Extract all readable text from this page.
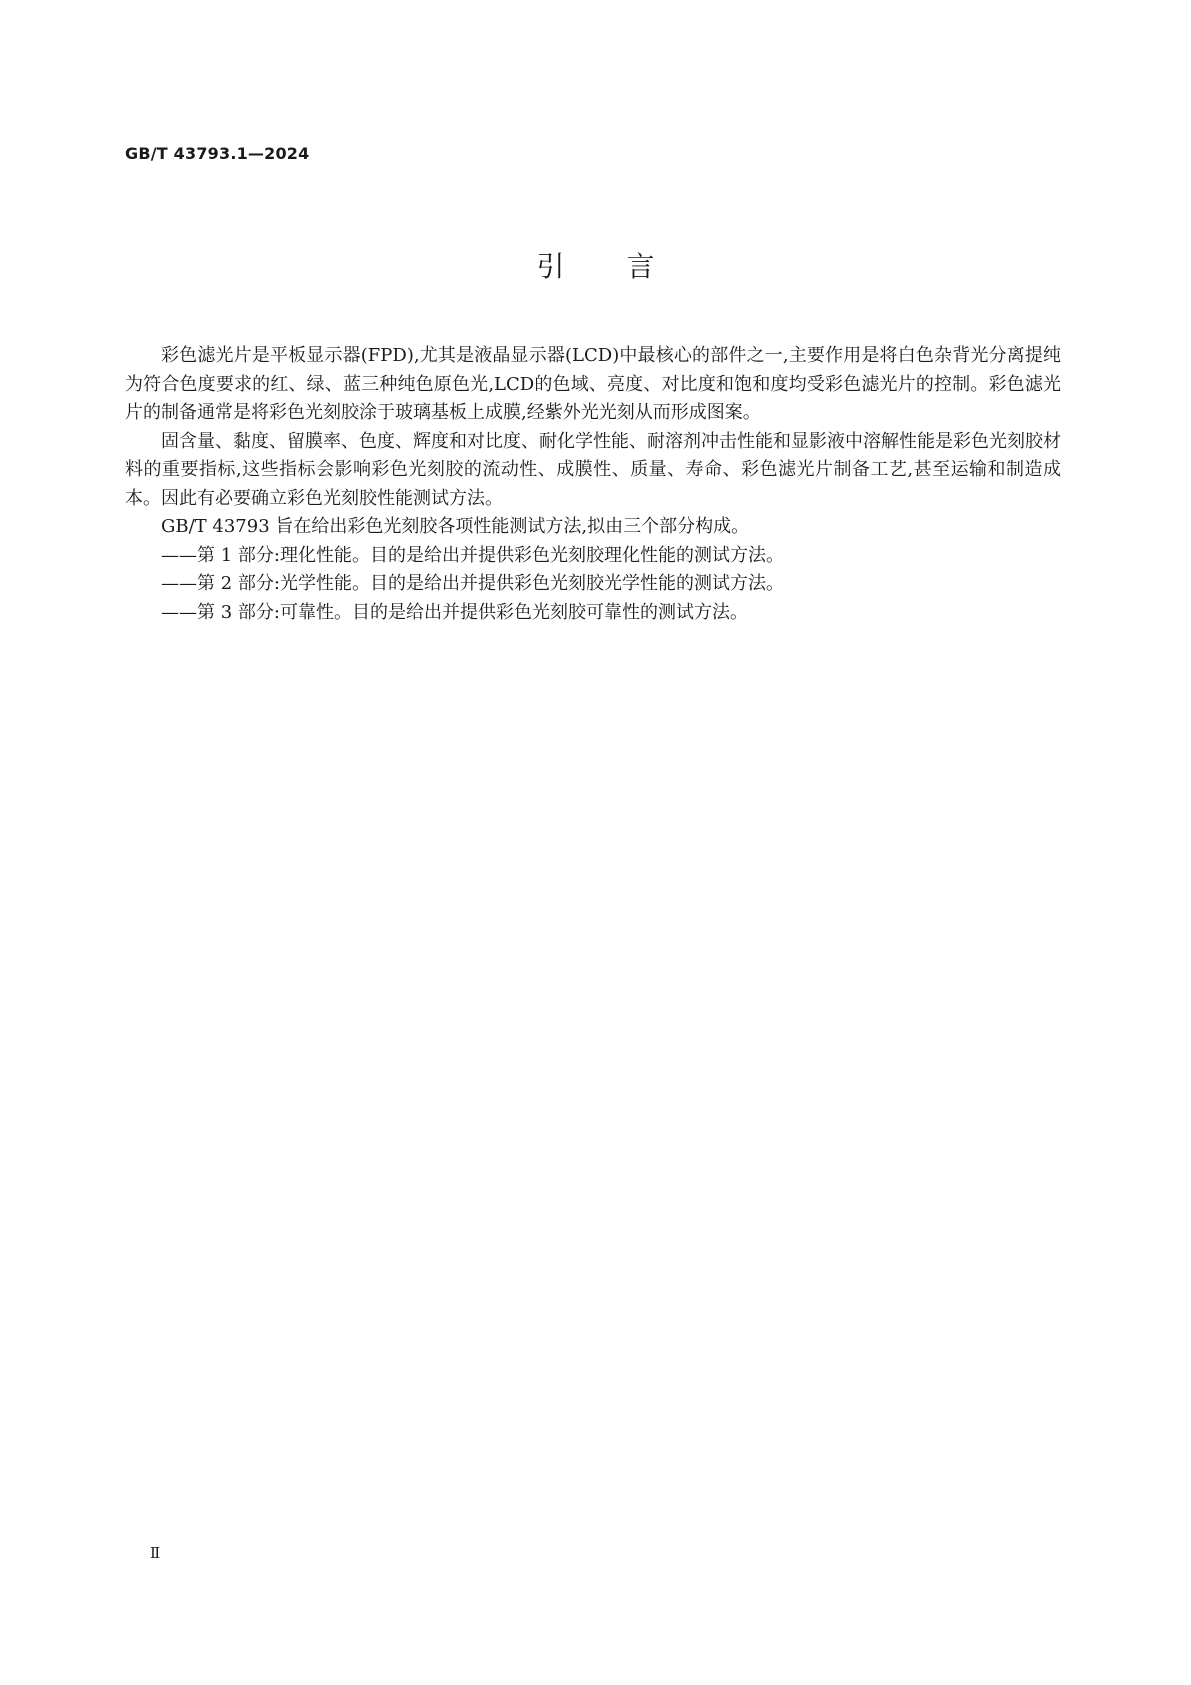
GB/T 43793.1—2024
引言

彩色滤光片是平板显示器(FPD),尤其是液晶显示器(LCD)中最核心的部件之一,主要作用是将白色杂背光分离提纯为符合色度要求的红、绿、蓝三种纯色原色光,LCD的色域、亮度、对比度和饱和度均受彩色滤光片的控制。彩色滤光片的制备通常是将彩色光刻胶涂于玻璃基板上成膜,经紫外光光刻从而形成图案。

固含量、黏度、留膜率、色度、辉度和对比度、耐化学性能、耐溶剂冲击性能和显影液中溶解性能是彩色光刻胶材料的重要指标,这些指标会影响彩色光刻胶的流动性、成膜性、质量、寿命、彩色滤光片制备工艺,甚至运输和制造成本。因此有必要确立彩色光刻胶性能测试方法。

GB/T 43793 旨在给出彩色光刻胶各项性能测试方法,拟由三个部分构成。

——第 1 部分:理化性能。目的是给出并提供彩色光刻胶理化性能的测试方法。

——第 2 部分:光学性能。目的是给出并提供彩色光刻胶光学性能的测试方法。

——第 3 部分:可靠性。目的是给出并提供彩色光刻胶可靠性的测试方法。

Ⅱ
